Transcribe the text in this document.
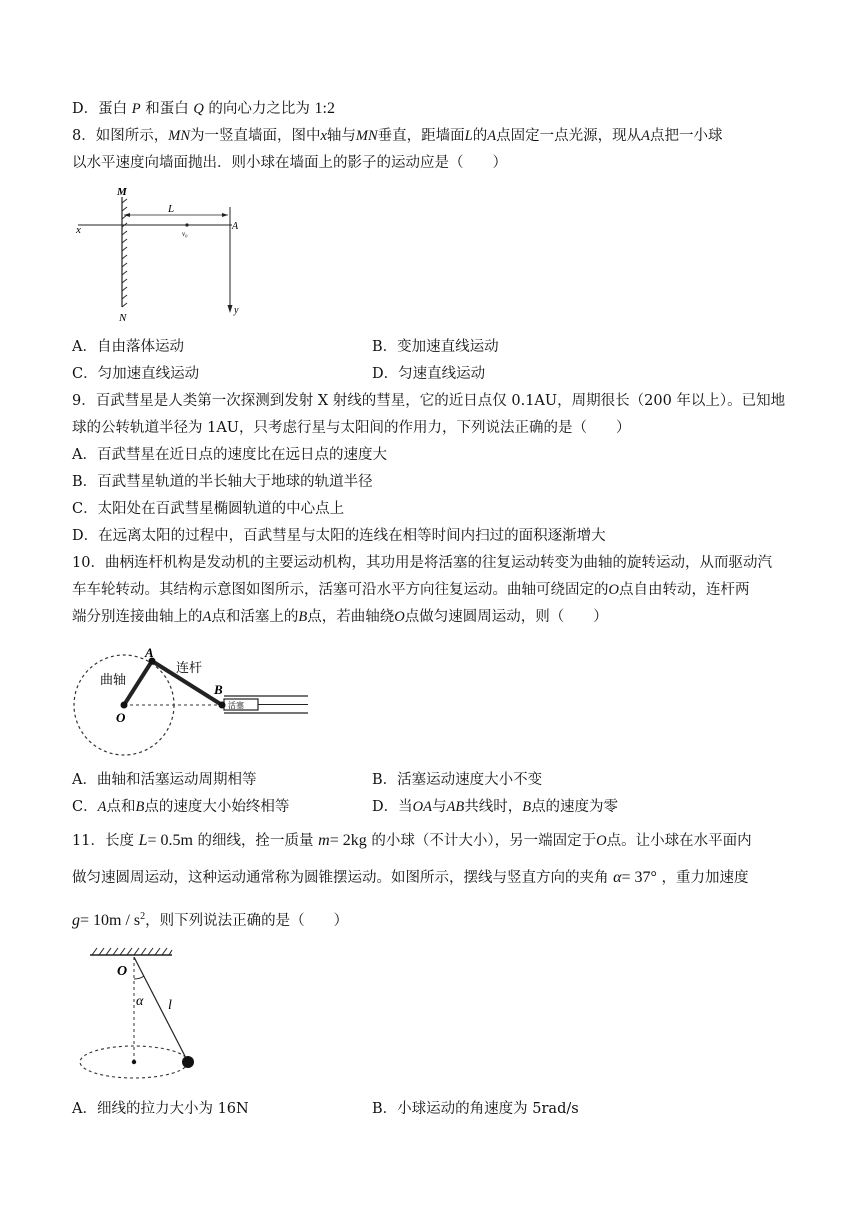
D．蛋白 P 和蛋白 Q 的向心力之比为 1:2
8．如图所示，MN为一竖直墙面，图中x轴与MN垂直，距墙面L的A点固定一点光源，现从A点把一小球
以水平速度向墙面抛出．则小球在墙面上的影子的运动应是（　　）
x
M
N
L
A
v₀
y
A．自由落体运动	B．变加速直线运动
C．匀加速直线运动	D．匀速直线运动
9．百武彗星是人类第一次探测到发射 X 射线的彗星，它的近日点仅 0.1AU，周期很长（200 年以上）。已知地
球的公转轨道半径为 1AU，只考虑行星与太阳间的作用力，下列说法正确的是（　　）
A．百武彗星在近日点的速度比在远日点的速度大
B．百武彗星轨道的半长轴大于地球的轨道半径
C．太阳处在百武彗星椭圆轨道的中心点上
D．在远离太阳的过程中，百武彗星与太阳的连线在相等时间内扫过的面积逐渐增大
10．曲柄连杆机构是发动机的主要运动机构，其功用是将活塞的往复运动转变为曲轴的旋转运动，从而驱动汽
车车轮转动。其结构示意图如图所示，活塞可沿水平方向往复运动。曲轴可绕固定的O点自由转动，连杆两
端分别连接曲轴上的A点和活塞上的B点，若曲轴绕O点做匀速圆周运动，则（　　）
曲轴
连杆
活塞
A
B
O
A．曲轴和活塞运动周期相等	B．活塞运动速度大小不变
C．A点和B点的速度大小始终相等	D．当OA与AB共线时，B点的速度为零
11．长度 L= 0.5m 的细线，拴一质量 m= 2kg 的小球（不计大小），另一端固定于O点。让小球在水平面内
做匀速圆周运动，这种运动通常称为圆锥摆运动。如图所示，摆线与竖直方向的夹角 α= 37° ，重力加速度
$g= 10m / s^2$，则下列说法正确的是（　　）
O
α l
A．细线的拉力大小为 16N	B．小球运动的角速度为 5rad/s
